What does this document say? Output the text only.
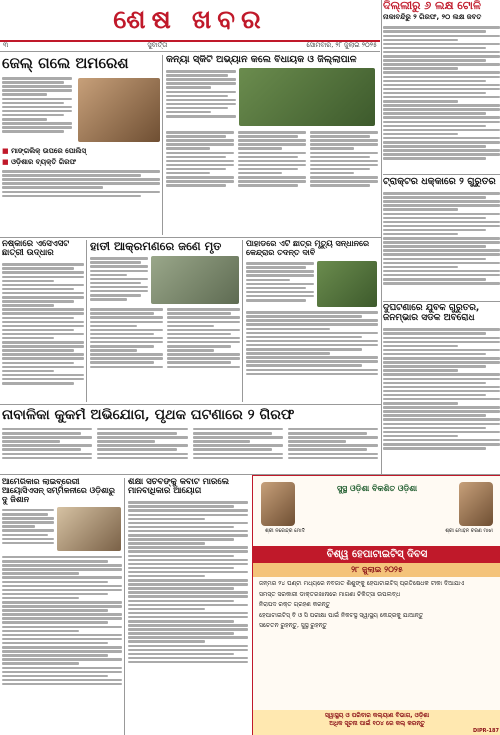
ଶେଷ ଖବର
୩	ସୁବାର୍ତ୍ତା	ସୋମବାର, ୨୮ ଜୁଲାଇ ୨୦୨୫
ଦିଲ୍ଲୀରୁ ୬ ଲକ୍ଷ ଟୋଳି
ନାକାବନ୍ଦିରୁ ୨ ଗିରଫ, ୨୦ ଲକ୍ଷ ଜବତ
ଟ୍ରାକ୍ଟର ଧକ୍କାରେ ୨ ଗୁରୁତର
ଦୁର୍ଘଟଣାରେ ଯୁବକ ଗୁରୁତର, ଜନମ୍ଭାର ସଡକ ଅବରୋଧ
ଜେଲ୍ ଗଲେ ଅମରେଶ
■ ମାଙ୍ଗଲିକ୍ ଉପରେ ପୋଲିସ୍
■ ଓଡ଼ିଶାର ବ୍ୟକ୍ତି ଗିରଫ
କନ୍ୟା ସ୍କିଟି ଅଭ୍ୟାନ କଲେ ବିଧାୟକ ଓ ଜିଲ୍ଲାପାଳ
ନିଷ୍କାରେ ଏସେଏସିଟି ଛାତ୍ରୀ ଉଦ୍ଧାର
ହାତୀ ଆକ୍ରମଣରେ ଜଣେ ମୃତ	ପାହାଡରେ ଏଟି ଛାତ୍ର ମୃତ୍ୟୁ ସନ୍ଧାନରେ କେନ୍ଦ୍ରାର ତଦନ୍ତ ଦାବି
ନାବାଳିକା କୁକର୍ମ ଅଭିଯୋଗ, ପୃଥକ ଘଟଣାରେ ୨ ଗିରଫ
ଆମେରିକାର ଲାଇବ୍ରେରୀ ଆୟୋସିଏସନ୍ ସମ୍ମିଳନୀରେ ଓଡ଼ିଶାରୁ ଦୁ ଜିଶାନ
ଶିକ୍ଷା ସଚିବଙ୍କୁ କବାଟ ମାରିଲେ ମାନବାଧିକାର ଆୟୋଗ	ସୁସ୍ଥ ଓଡ଼ିଶା ବିକଶିତ ଓଡ଼ିଶା
ଶ୍ରୀ ନରେନ୍ଦ୍ର ମୋଦି	ଶ୍ରୀ ମୋହନ ଚରଣ ମାଝୀ
ବିଶ୍ୱ ହେପାଟାଇଟିସ୍ ଦିବସ
୨୮ ଜୁଲାଇ ୨୦୨୫
ଜନ୍ମର ୨୪ ଘଣ୍ଟା ମଧ୍ୟରେ ନବଜାତ ଶିଶୁଙ୍କୁ ହେପାଟାଇଟିସ୍ ପ୍ରତିଷେଧକ ଟୀକା ଦିଆଯାଏ
ସମସ୍ତ ସରକାରୀ ଡାକ୍ତରଖାନାରେ ମାଗଣା ଚିକିତ୍ସା ଉପଲବ୍ଧ
ନିରାପଦ ରକ୍ତ ଗ୍ରହଣ କରନ୍ତୁ
ହେପାଟାଇଟିସ୍ ବି ଓ ସି ପରୀକ୍ଷା ପାଇଁ ନିକଟସ୍ଥ ସ୍ୱାସ୍ଥ୍ୟ କେନ୍ଦ୍ରକୁ ଯାଆନ୍ତୁ
ସଚେତନ ରୁହନ୍ତୁ, ସୁସ୍ଥ ରୁହନ୍ତୁ
ସ୍ୱାସ୍ଥ୍ୟ ଓ ପରିବାର କଲ୍ୟାଣ ବିଭାଗ, ଓଡ଼ିଶା
ଅଧିକ ସୂଚନା ପାଇଁ ୧୦୪ ରେ କଲ୍ କରନ୍ତୁ
DIPR-187
